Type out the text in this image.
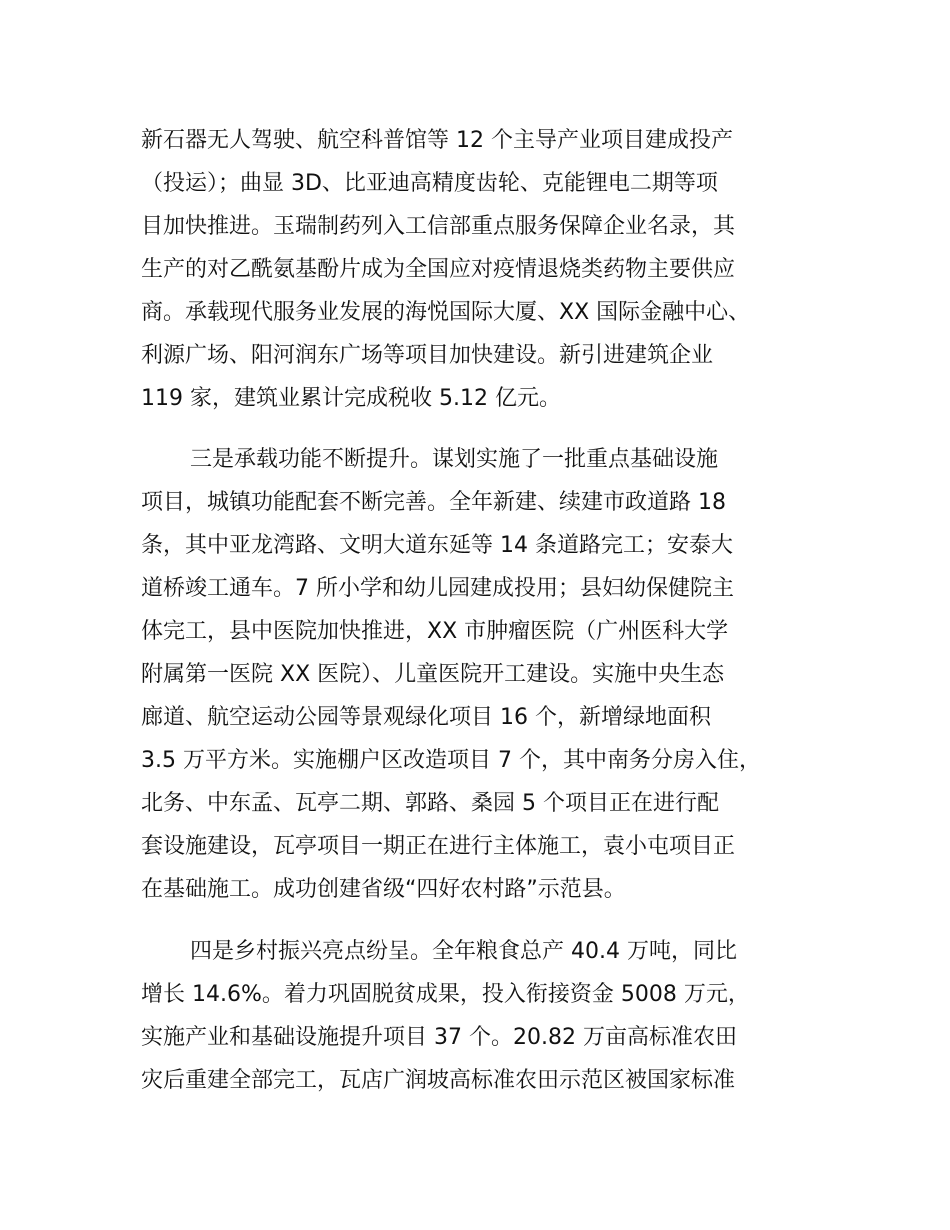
新石器无人驾驶、航空科普馆等 12 个主导产业项目建成投产
（投运）；曲显 3D、比亚迪高精度齿轮、克能锂电二期等项
目加快推进。玉瑞制药列入工信部重点服务保障企业名录，其
生产的对乙酰氨基酚片成为全国应对疫情退烧类药物主要供应
商。承载现代服务业发展的海悦国际大厦、XX 国际金融中心、
利源广场、阳河润东广场等项目加快建设。新引进建筑企业
119 家，建筑业累计完成税收 5.12 亿元。
三是承载功能不断提升。谋划实施了一批重点基础设施
项目，城镇功能配套不断完善。全年新建、续建市政道路 18
条，其中亚龙湾路、文明大道东延等 14 条道路完工；安泰大
道桥竣工通车。7 所小学和幼儿园建成投用；县妇幼保健院主
体完工，县中医院加快推进，XX 市肿瘤医院（广州医科大学
附属第一医院 XX 医院）、儿童医院开工建设。实施中央生态
廊道、航空运动公园等景观绿化项目 16 个，新增绿地面积
3.5 万平方米。实施棚户区改造项目 7 个，其中南务分房入住，
北务、中东孟、瓦亭二期、郭路、桑园 5 个项目正在进行配
套设施建设，瓦亭项目一期正在进行主体施工，袁小屯项目正
在基础施工。成功创建省级“四好农村路”示范县。
四是乡村振兴亮点纷呈。全年粮食总产 40.4 万吨，同比
增长 14.6%。着力巩固脱贫成果，投入衔接资金 5008 万元，
实施产业和基础设施提升项目 37 个。20.82 万亩高标准农田
灾后重建全部完工，瓦店广润坡高标准农田示范区被国家标准
